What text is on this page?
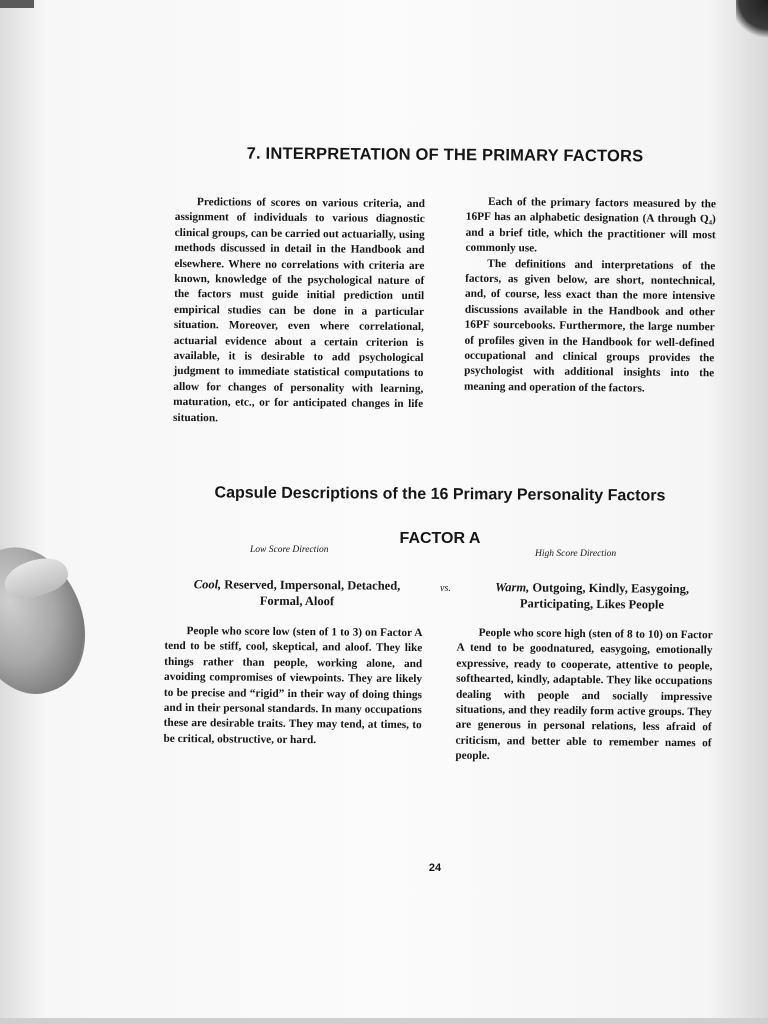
7. INTERPRETATION OF THE PRIMARY FACTORS

Predictions of scores on various criteria, and assignment of individuals to various diagnostic clinical groups, can be carried out actuarially, using methods discussed in detail in the Handbook and elsewhere. Where no correlations with criteria are known, knowledge of the psychological nature of the factors must guide initial prediction until empirical studies can be done in a particular situation. Moreover, even where correlational, actuarial evidence about a certain criterion is available, it is desirable to add psychological judgment to immediate statistical computations to allow for changes of personality with learning, maturation, etc., or for anticipated changes in life situation.

Each of the primary factors measured by the 16PF has an alphabetic designation (A through Q₄) and a brief title, which the practitioner will most commonly use.

The definitions and interpretations of the factors, as given below, are short, nontechnical, and, of course, less exact than the more intensive discussions available in the Handbook and other 16PF sourcebooks. Furthermore, the large number of profiles given in the Handbook for well-defined occupational and clinical groups provides the psychologist with additional insights into the meaning and operation of the factors.

Capsule Descriptions of the 16 Primary Personality Factors
FACTOR A
Low Score Direction	High Score Direction
Cool, Reserved, Impersonal, Detached, Formal, Aloof
vs.	Warm, Outgoing, Kindly, Easygoing, Participating, Likes People

People who score low (sten of 1 to 3) on Factor A tend to be stiff, cool, skeptical, and aloof. They like things rather than people, working alone, and avoiding compromises of viewpoints. They are likely to be precise and “rigid” in their way of doing things and in their personal standards. In many occupations these are desirable traits. They may tend, at times, to be critical, obstructive, or hard.

People who score high (sten of 8 to 10) on Factor A tend to be goodnatured, easygoing, emotionally expressive, ready to cooperate, attentive to people, softhearted, kindly, adaptable. They like occupations dealing with people and socially impressive situations, and they readily form active groups. They are generous in personal relations, less afraid of criticism, and better able to remember names of people.

24
